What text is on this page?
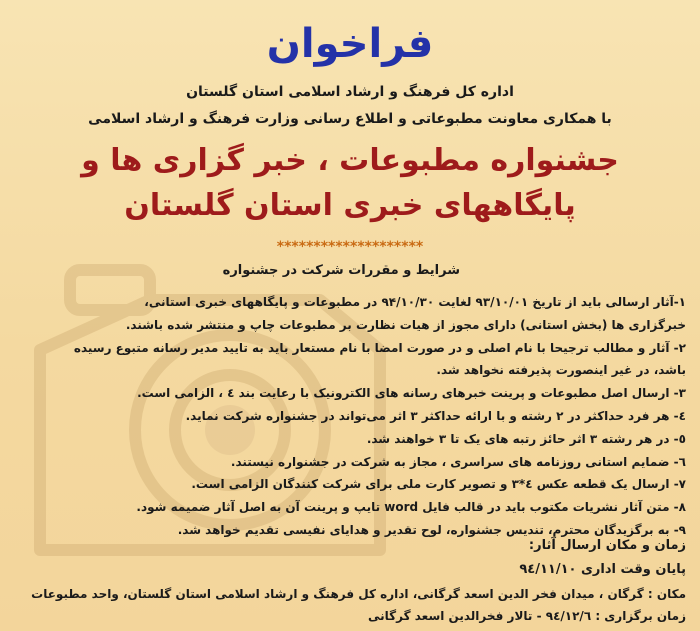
فراخوان
اداره کل فرهنگ و ارشاد اسلامی استان گلستان
با همکاری معاونت مطبوعاتی و اطلاع رسانی وزارت فرهنگ و ارشاد اسلامی
جشنواره مطبوعات ، خبر گزاری ها و
پایگاههای خبری استان گلستان
********************
شرایط و مقررات شرکت در جشنواره
۱-آثار ارسالی باید از تاریخ ۹۳/۱۰/۰۱ لغایت ۹۴/۱۰/۳۰ در مطبوعات و پایگاههای خبری استانی،
خبرگزاری ها (بخش استانی) دارای مجوز از هیات نظارت بر مطبوعات چاپ و منتشر شده باشند.
۲- آثار و مطالب ترجیحا با نام اصلی و در صورت امضا با نام مستعار باید به تایید مدیر رسانه متبوع رسیده
باشد، در غیر اینصورت پذیرفته نخواهد شد.
۳- ارسال اصل مطبوعات و پرینت خبرهای رسانه های الکترونیک با رعایت بند ٤ ، الزامی است.
٤- هر فرد حداکثر در ۲ رشته و با ارائه حداکثر ۳ اثر می‌تواند در جشنواره شرکت نماید.
٥- در هر رشته ۳ اثر حائز رتبه های یک تا ۳ خواهند شد.
٦- ضمایم استانی روزنامه های سراسری ، مجاز به شرکت در جشنواره نیستند.
۷- ارسال یک قطعه عکس ٤*۳ و تصویر کارت ملی برای شرکت کنندگان الزامی است.
۸- متن آثار نشریات مکتوب باید در قالب فایل word تایپ و پرینت آن به اصل آثار ضمیمه شود.
۹- به برگزیدگان محترم، تندیس جشنواره، لوح تقدیر و هدایای نفیسی تقدیم خواهد شد.
زمان و مکان ارسال آثار:
پایان وقت اداری ۹٤/۱۱/۱۰
مکان : گرگان ، میدان فخر الدین اسعد گرگانی، اداره کل فرهنگ و ارشاد اسلامی استان گلستان، واحد مطبوعات
زمان برگزاری : ۹٤/۱۲/٦ - تالار فخرالدین اسعد گرگانی
